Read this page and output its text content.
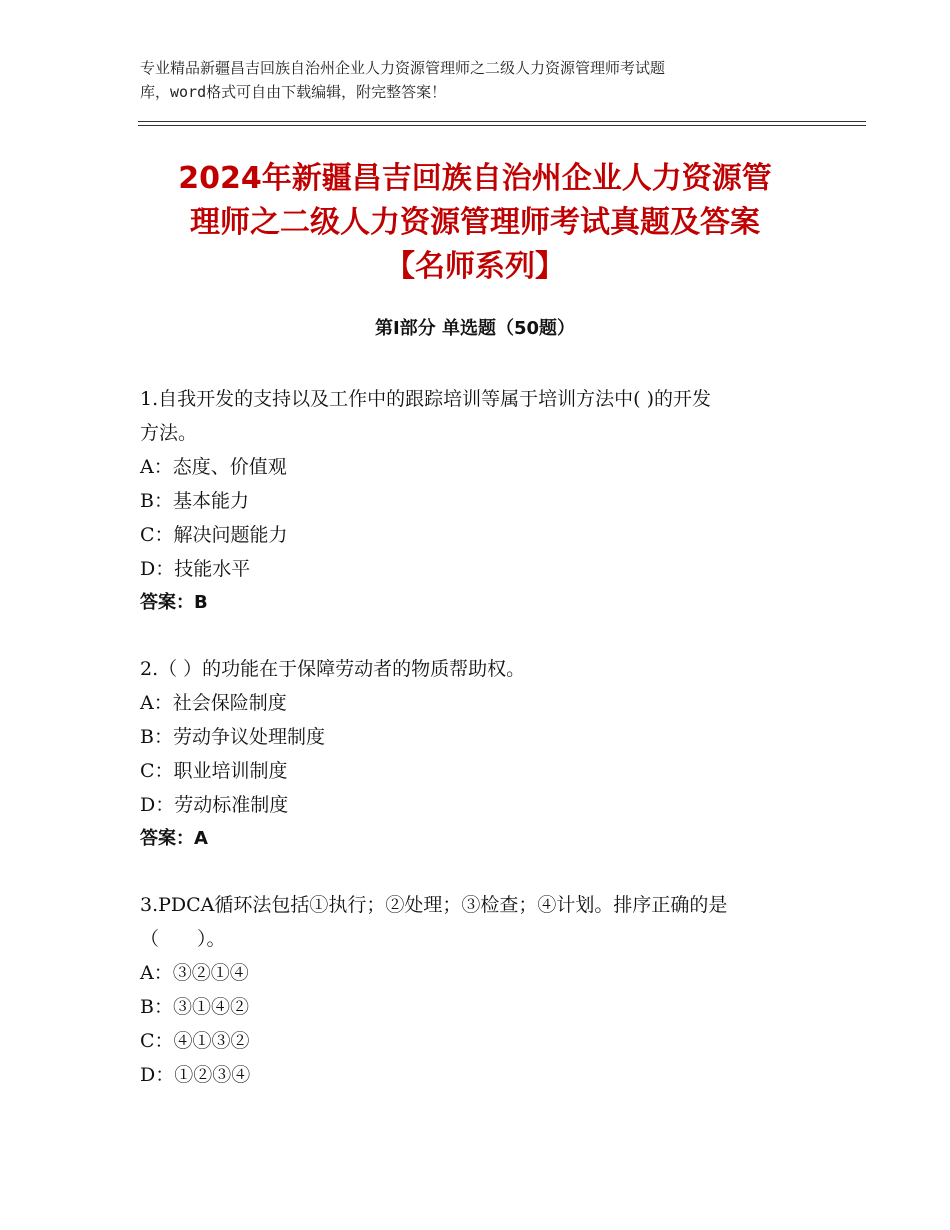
专业精品新疆昌吉回族自治州企业人力资源管理师之二级人力资源管理师考试题
库，word格式可自由下载编辑，附完整答案！
2024年新疆昌吉回族自治州企业人力资源管
理师之二级人力资源管理师考试真题及答案
【名师系列】
第Ⅰ部分 单选题（50题）
1.自我开发的支持以及工作中的跟踪培训等属于培训方法中( )的开发
方法。
A：态度、价值观
B：基本能力
C：解决问题能力
D：技能水平
答案：B
2.（ ）的功能在于保障劳动者的物质帮助权。
A：社会保险制度
B：劳动争议处理制度
C：职业培训制度
D：劳动标准制度
答案：A
3.PDCA循环法包括①执行；②处理；③检查；④计划。排序正确的是
（　　）。
A：③②①④
B：③①④②
C：④①③②
D：①②③④
